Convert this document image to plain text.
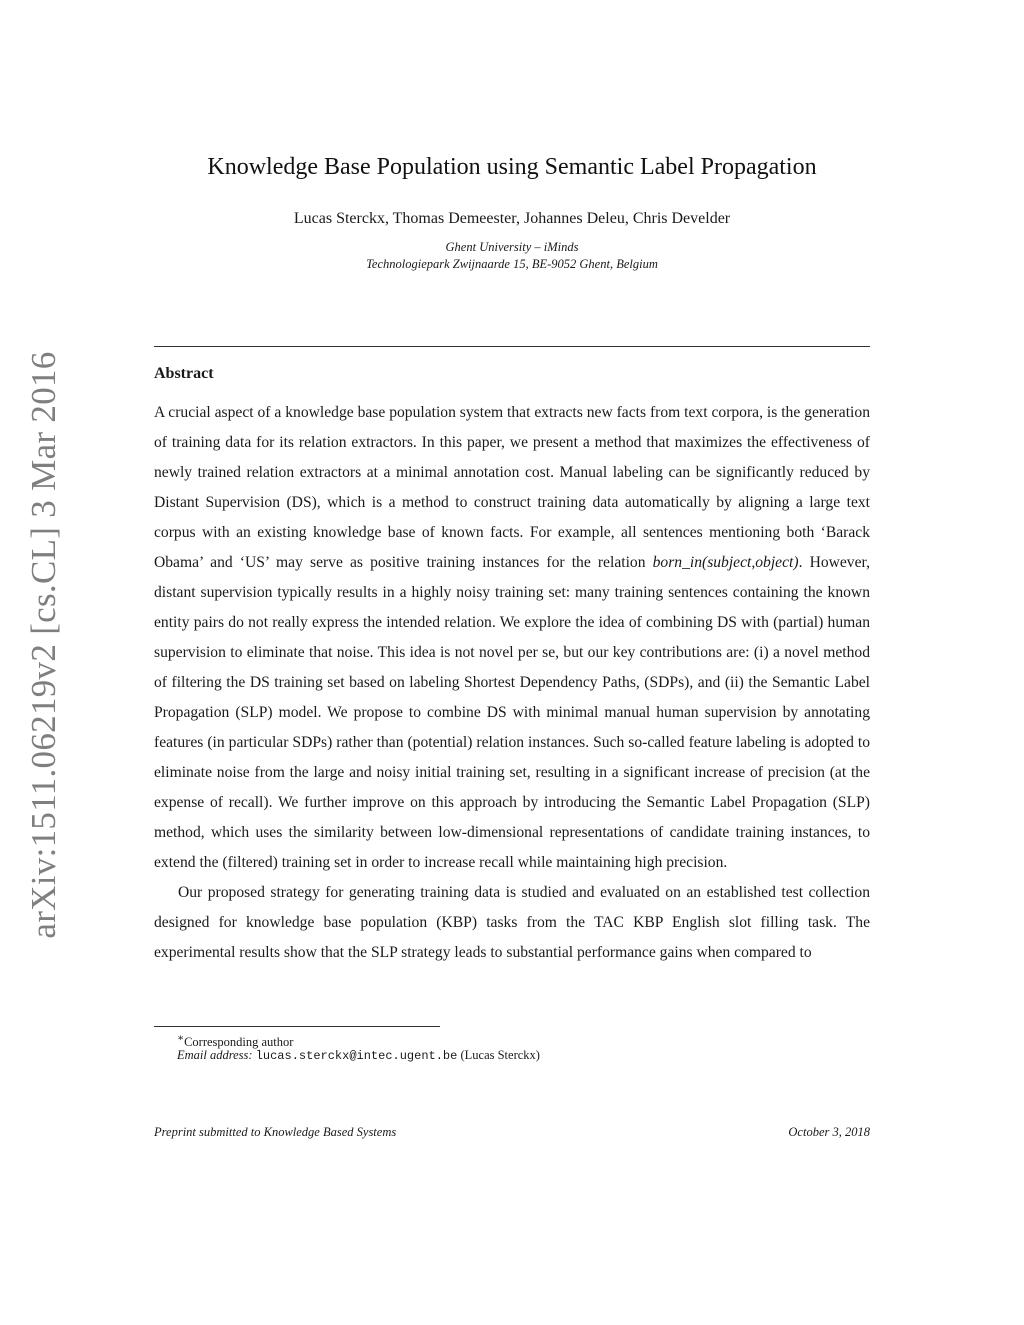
arXiv:1511.06219v2 [cs.CL] 3 Mar 2016
Knowledge Base Population using Semantic Label Propagation
Lucas Sterckx, Thomas Demeester, Johannes Deleu, Chris Develder
Ghent University – iMinds
Technologiepark Zwijnaarde 15, BE-9052 Ghent, Belgium
Abstract

A crucial aspect of a knowledge base population system that extracts new facts from text corpora, is the generation of training data for its relation extractors. In this paper, we present a method that maximizes the effectiveness of newly trained relation extractors at a minimal annotation cost. Manual labeling can be significantly reduced by Distant Supervision (DS), which is a method to construct training data automatically by aligning a large text corpus with an existing knowledge base of known facts. For example, all sentences mentioning both ‘Barack Obama’ and ‘US’ may serve as positive training instances for the relation born_in(subject,object). However, distant supervision typically results in a highly noisy training set: many training sentences containing the known entity pairs do not really express the intended relation. We explore the idea of combining DS with (partial) human supervision to eliminate that noise. This idea is not novel per se, but our key contributions are: (i) a novel method of filtering the DS training set based on labeling Shortest Dependency Paths, (SDPs), and (ii) the Semantic Label Propagation (SLP) model. We propose to combine DS with minimal manual human supervision by annotating features (in particular SDPs) rather than (potential) relation instances. Such so-called feature labeling is adopted to eliminate noise from the large and noisy initial training set, resulting in a significant increase of precision (at the expense of recall). We further improve on this approach by introducing the Semantic Label Propagation (SLP) method, which uses the similarity between low-dimensional representations of candidate training instances, to extend the (filtered) training set in order to increase recall while maintaining high precision.

Our proposed strategy for generating training data is studied and evaluated on an established test collection designed for knowledge base population (KBP) tasks from the TAC KBP English slot filling task. The experimental results show that the SLP strategy leads to substantial performance gains when compared to

∗Corresponding author
Email address: lucas.sterckx@intec.ugent.be (Lucas Sterckx)
Preprint submitted to Knowledge Based Systems	October 3, 2018
